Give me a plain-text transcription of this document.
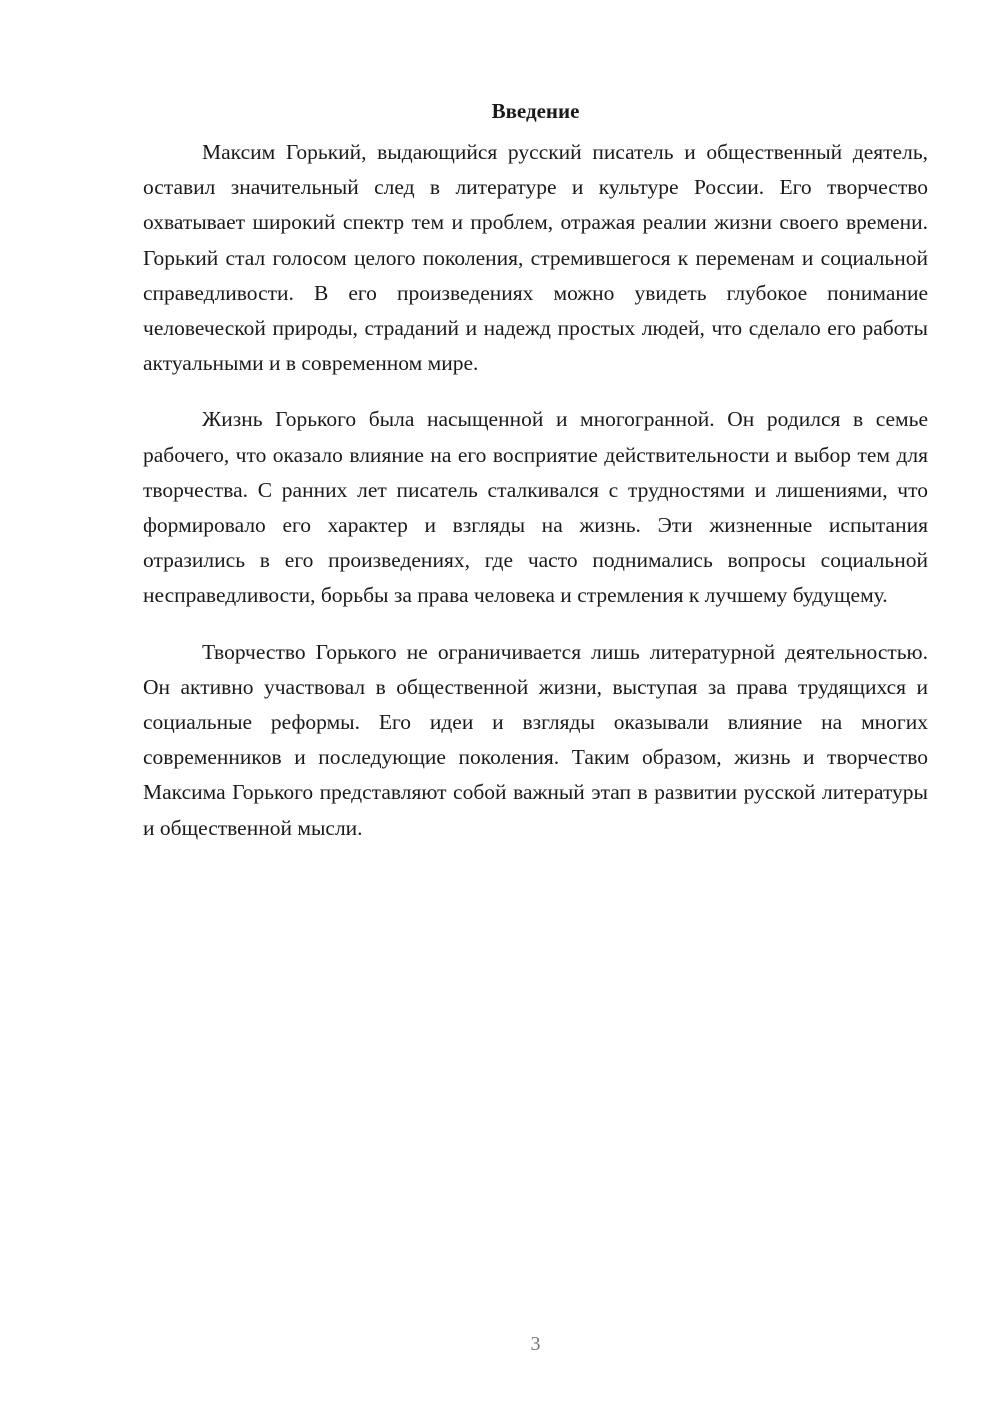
Введение

Максим Горький, выдающийся русский писатель и общественный деятель, оставил значительный след в литературе и культуре России. Его творчество охватывает широкий спектр тем и проблем, отражая реалии жизни своего времени. Горький стал голосом целого поколения, стремившегося к переменам и социальной справедливости. В его произведениях можно увидеть глубокое понимание человеческой природы, страданий и надежд простых людей, что сделало его работы актуальными и в современном мире.

Жизнь Горького была насыщенной и многогранной. Он родился в семье рабочего, что оказало влияние на его восприятие действительности и выбор тем для творчества. С ранних лет писатель сталкивался с трудностями и лишениями, что формировало его характер и взгляды на жизнь. Эти жизненные испытания отразились в его произведениях, где часто поднимались вопросы социальной несправедливости, борьбы за права человека и стремления к лучшему будущему.

Творчество Горького не ограничивается лишь литературной деятельностью. Он активно участвовал в общественной жизни, выступая за права трудящихся и социальные реформы. Его идеи и взгляды оказывали влияние на многих современников и последующие поколения. Таким образом, жизнь и творчество Максима Горького представляют собой важный этап в развитии русской литературы и общественной мысли.

3
